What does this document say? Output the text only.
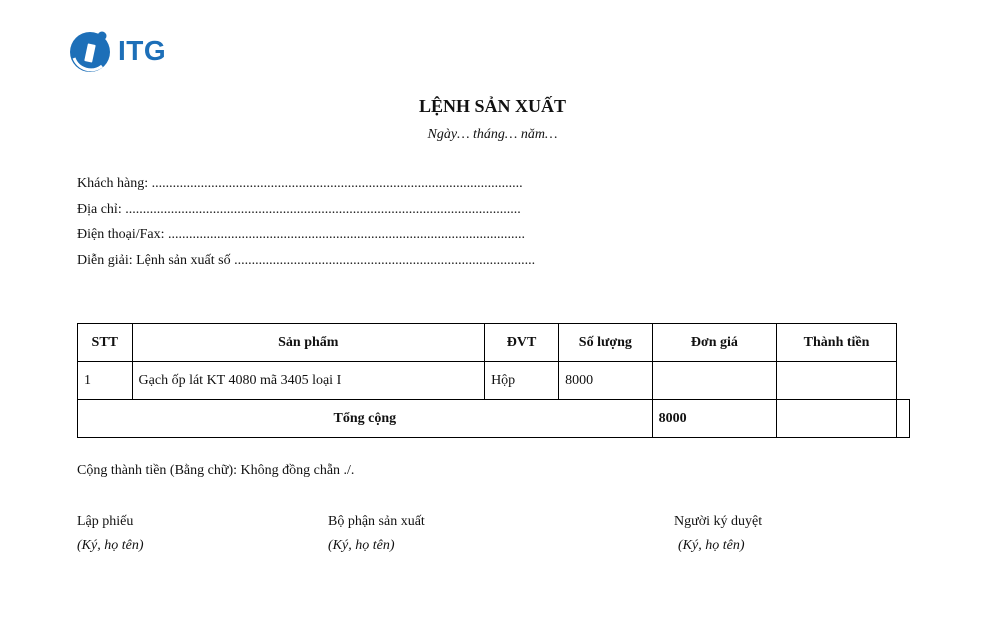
ITG
LỆNH SẢN XUẤT
Ngày… tháng… năm…
Khách hàng: ..........................................................................................................
Địa chỉ: .................................................................................................................
Điện thoại/Fax: ......................................................................................................
Diễn giải: Lệnh sản xuất số ......................................................................................
STT	Sản phẩm	ĐVT	Số lượng	Đơn giá	Thành tiền	
1	Gạch ốp lát KT 4080 mã 3405 loại I	Hộp	8000			
Tổng cộng				8000		
Cộng thành tiền (Bằng chữ): Không đồng chẵn ./.
Lập phiếu
(Ký, họ tên)
Bộ phận sản xuất
(Ký, họ tên)
Người ký duyệt
(Ký, họ tên)
